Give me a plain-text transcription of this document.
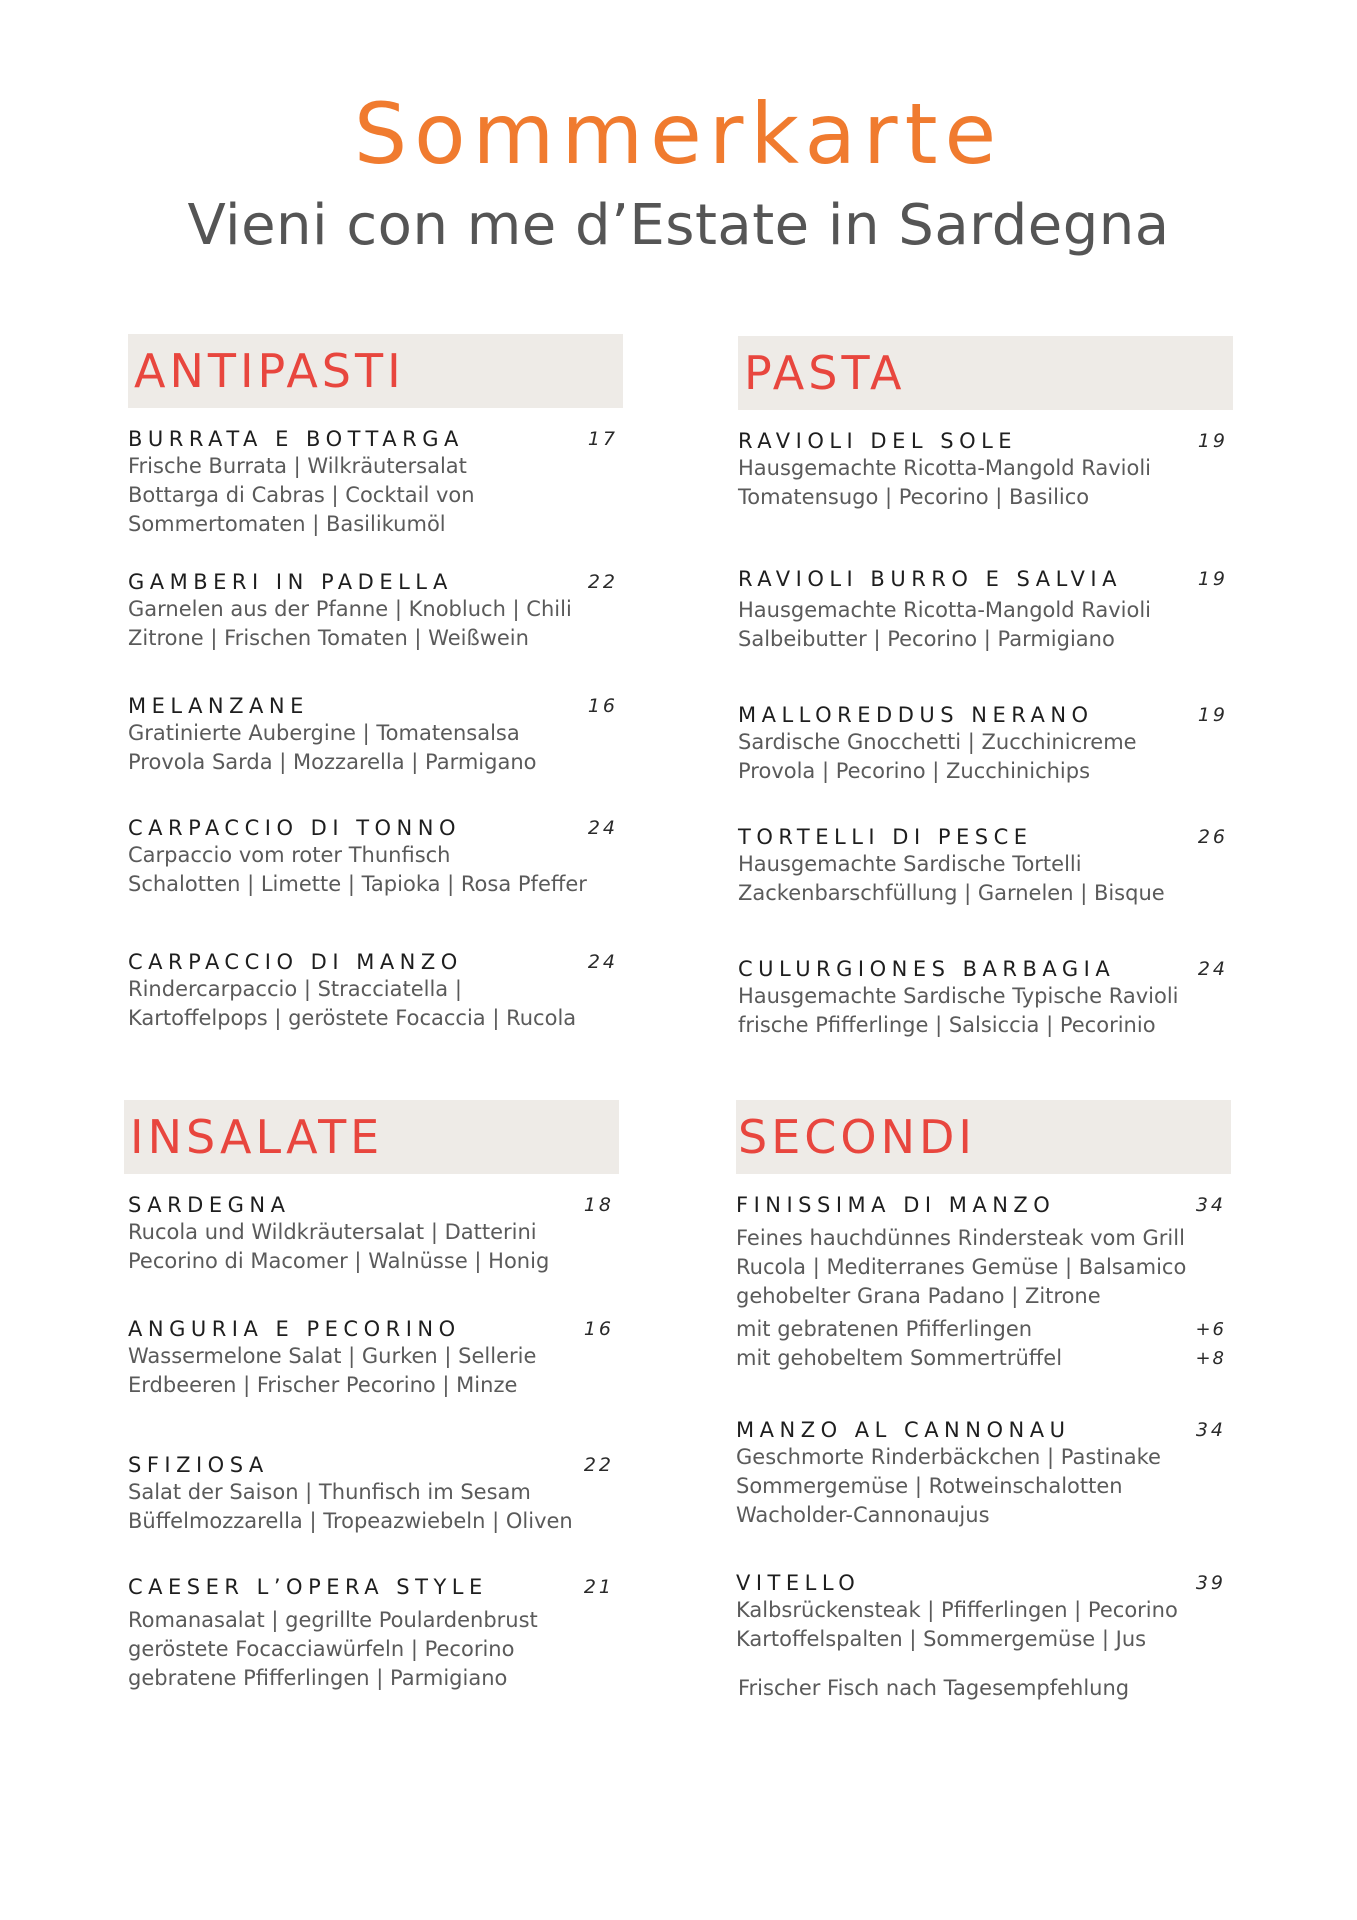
Sommerkarte
Vieni con me d’Estate in Sardegna
ANTIPASTI
BURRATA E BOTTARGA	17
Frische Burrata | Wilkräutersalat
Bottarga di Cabras | Cocktail von
Sommertomaten | Basilikumöl
GAMBERI IN PADELLA	22
Garnelen aus der Pfanne | Knobluch | Chili
Zitrone | Frischen Tomaten | Weißwein
MELANZANE	16
Gratinierte Aubergine | Tomatensalsa
Provola Sarda | Mozzarella | Parmigano
CARPACCIO DI TONNO	24
Carpaccio vom roter Thunfisch
Schalotten | Limette | Tapioka | Rosa Pfeffer
CARPACCIO DI MANZO	24
Rindercarpaccio | Stracciatella |
Kartoffelpops | geröstete Focaccia | Rucola
PASTA
RAVIOLI DEL SOLE	19
Hausgemachte Ricotta-Mangold Ravioli
Tomatensugo | Pecorino | Basilico
RAVIOLI BURRO E SALVIA	19
Hausgemachte Ricotta-Mangold Ravioli
Salbeibutter | Pecorino | Parmigiano
MALLOREDDUS NERANO	19
Sardische Gnocchetti | Zucchinicreme
Provola | Pecorino | Zucchinichips
TORTELLI DI PESCE	26
Hausgemachte Sardische Tortelli
Zackenbarschfüllung | Garnelen | Bisque
CULURGIONES BARBAGIA	24
Hausgemachte Sardische Typische Ravioli
frische Pfifferlinge | Salsiccia | Pecorinio
INSALATE
SARDEGNA	18
Rucola und Wildkräutersalat | Datterini
Pecorino di Macomer | Walnüsse | Honig
ANGURIA E PECORINO	16
Wassermelone Salat | Gurken | Sellerie
Erdbeeren | Frischer Pecorino | Minze
SFIZIOSA	22
Salat der Saison | Thunfisch im Sesam
Büffelmozzarella | Tropeazwiebeln | Oliven
CAESER L’OPERA STYLE	21
Romanasalat | gegrillte Poulardenbrust
geröstete Focacciawürfeln | Pecorino
gebratene Pfifferlingen | Parmigiano
SECONDI
FINISSIMA DI MANZO	34
Feines hauchdünnes Rindersteak vom Grill
Rucola | Mediterranes Gemüse | Balsamico
gehobelter Grana Padano | Zitrone
mit gebratenen Pfifferlingen	+6
mit gehobeltem Sommertrüffel	+8
MANZO AL CANNONAU	34
Geschmorte Rinderbäckchen | Pastinake
Sommergemüse | Rotweinschalotten
Wacholder-Cannonaujus
VITELLO	39
Kalbsrückensteak | Pfifferlingen | Pecorino
Kartoffelspalten | Sommergemüse | Jus
Frischer Fisch nach Tagesempfehlung
